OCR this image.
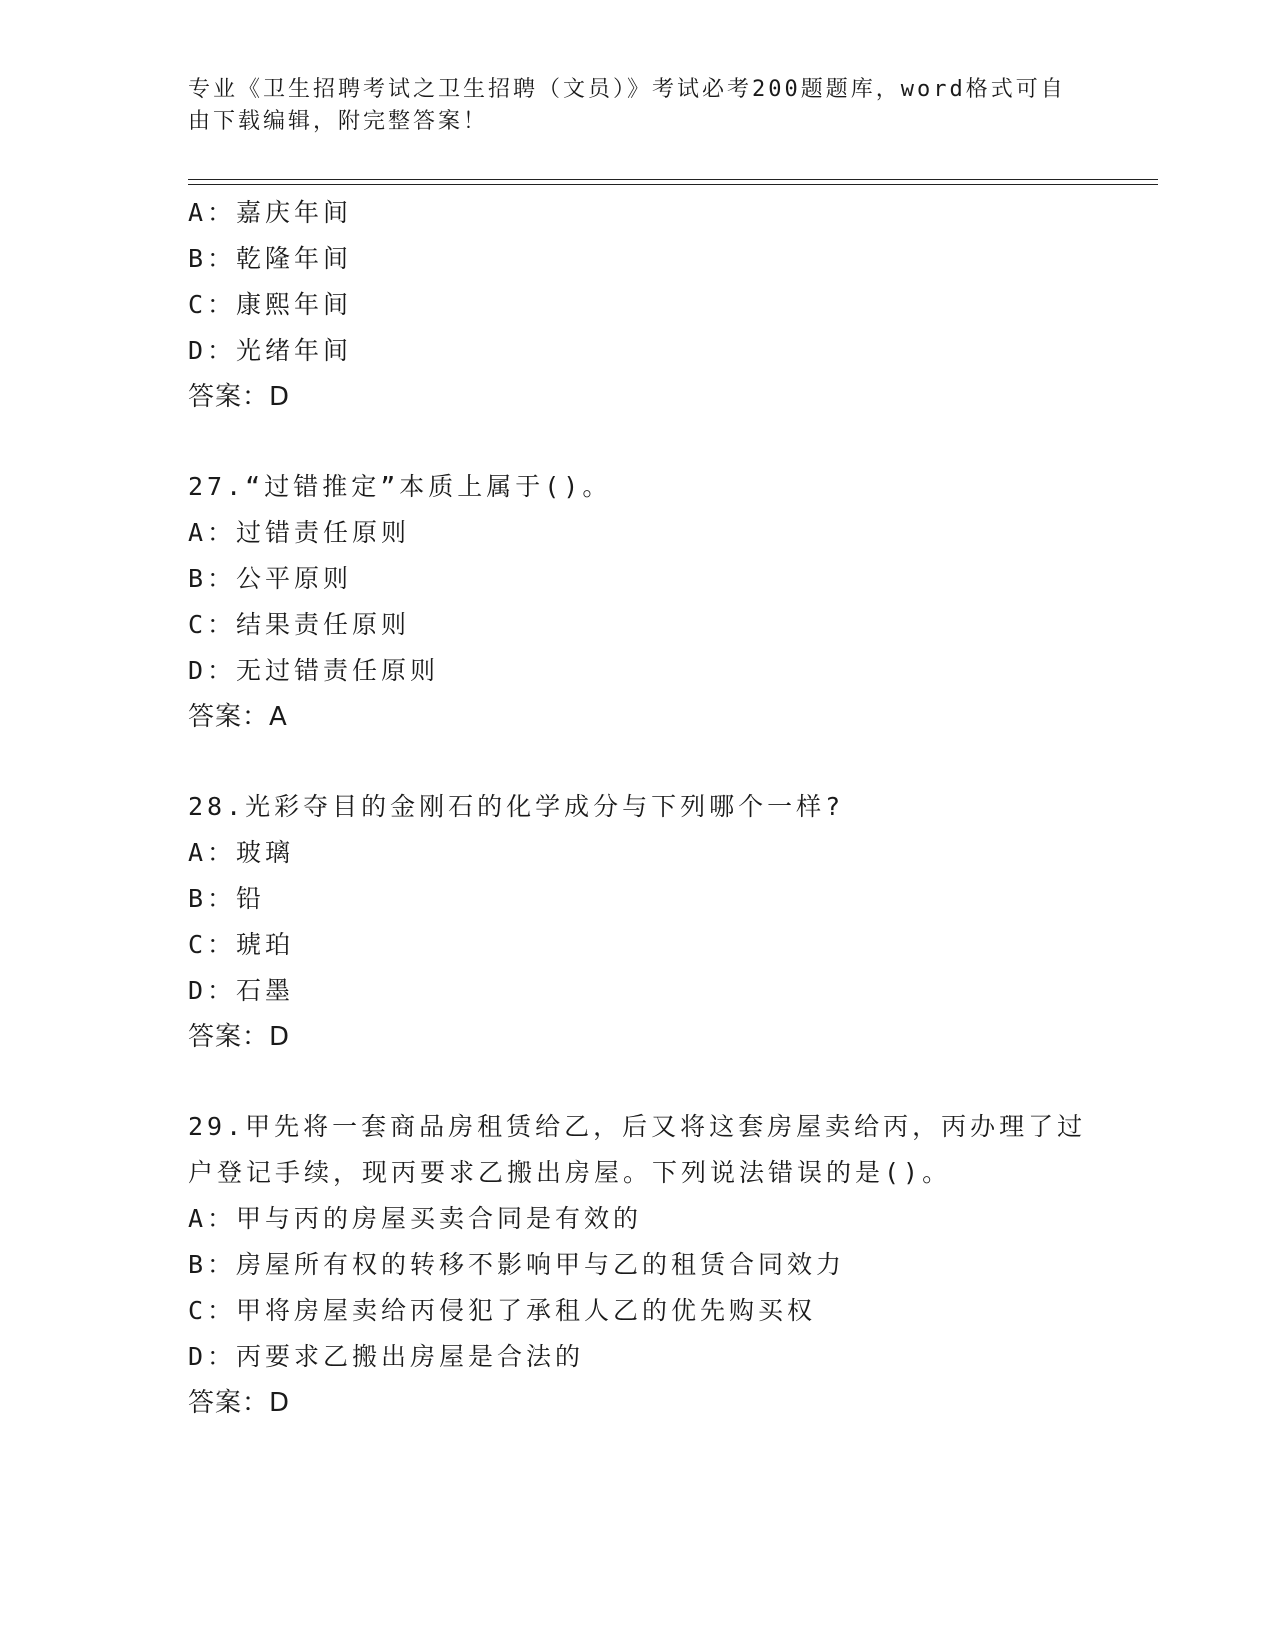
专业《卫生招聘考试之卫生招聘（文员）》考试必考200题题库，word格式可自
由下载编辑，附完整答案！
A：嘉庆年间
B：乾隆年间
C：康熙年间
D：光绪年间
答案：D
27.“过错推定”本质上属于()。
A：过错责任原则
B：公平原则
C：结果责任原则
D：无过错责任原则
答案：A
28.光彩夺目的金刚石的化学成分与下列哪个一样?
A：玻璃
B：铅
C：琥珀
D：石墨
答案：D
29.甲先将一套商品房租赁给乙，后又将这套房屋卖给丙，丙办理了过
户登记手续，现丙要求乙搬出房屋。下列说法错误的是()。
A：甲与丙的房屋买卖合同是有效的
B：房屋所有权的转移不影响甲与乙的租赁合同效力
C：甲将房屋卖给丙侵犯了承租人乙的优先购买权
D：丙要求乙搬出房屋是合法的
答案：D
